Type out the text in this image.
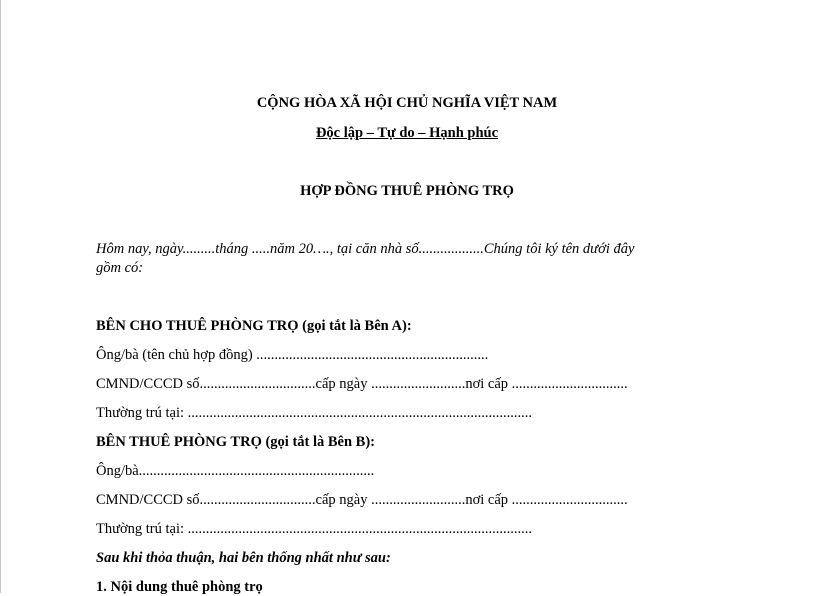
CỘNG HÒA XÃ HỘI CHỦ NGHĨA VIỆT NAM
Độc lập – Tự do – Hạnh phúc
HỢP ĐỒNG THUÊ PHÒNG TRỌ
Hôm nay, ngày.........tháng .....năm 20…., tại căn nhà số..................Chúng tôi ký tên dưới đây
gồm có:
BÊN CHO THUÊ PHÒNG TRỌ (gọi tắt là Bên A):
Ông/bà (tên chủ hợp đồng) ................................................................
CMND/CCCD số................................cấp ngày ..........................nơi cấp ................................
Thường trú tại: ...............................................................................................
BÊN THUÊ PHÒNG TRỌ (gọi tắt là Bên B):
Ông/bà.................................................................
CMND/CCCD số................................cấp ngày ..........................nơi cấp ................................
Thường trú tại: ...............................................................................................
Sau khi thỏa thuận, hai bên thống nhất như sau:
1. Nội dung thuê phòng trọ
